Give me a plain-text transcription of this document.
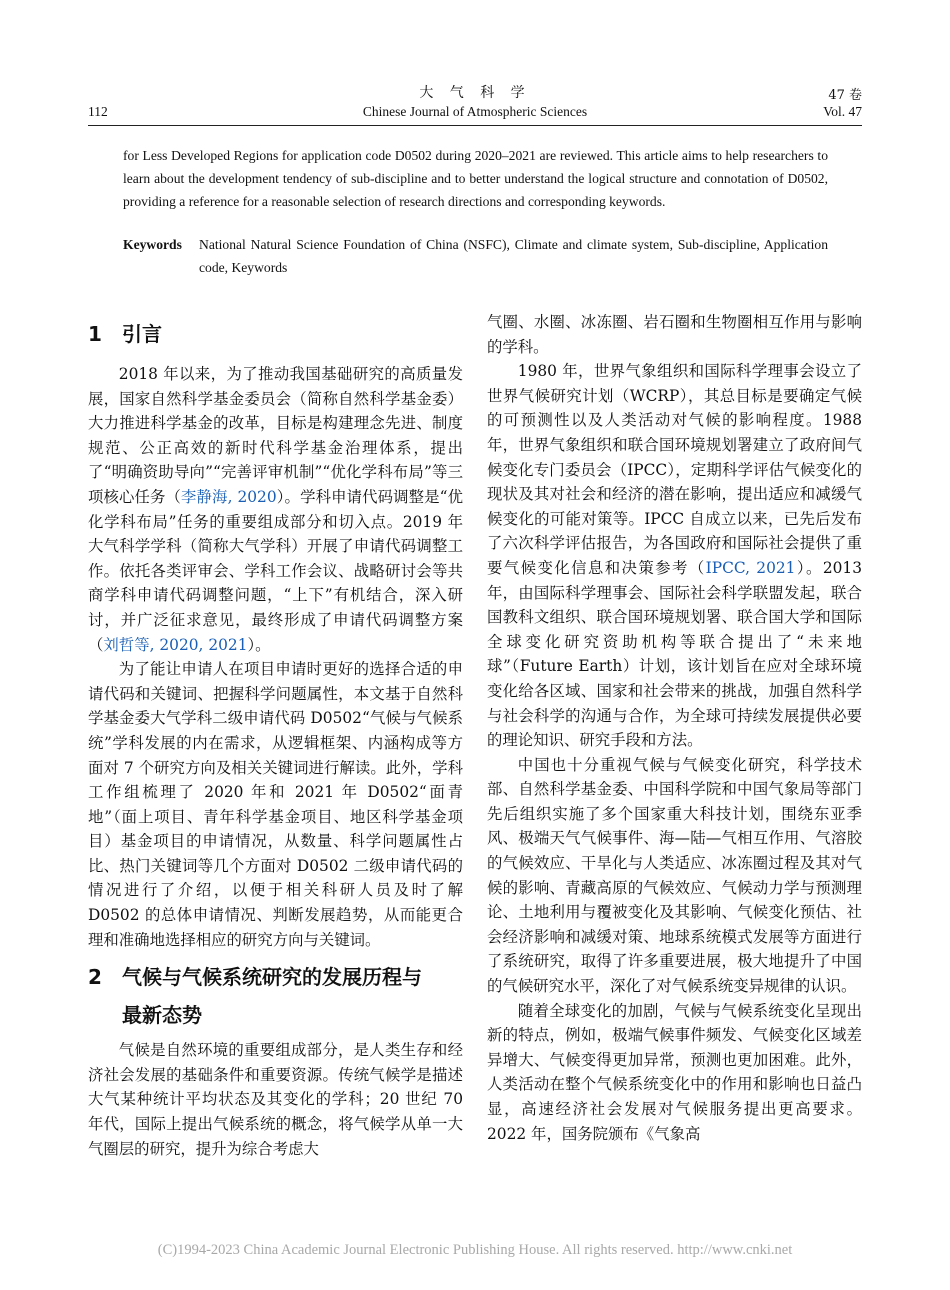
大 气 科 学	47 卷
112	Chinese Journal of Atmospheric Sciences	Vol. 47
for Less Developed Regions for application code D0502 during 2020–2021 are reviewed. This article aims to help researchers to learn about the development tendency of sub-discipline and to better understand the logical structure and connotation of D0502, providing a reference for a reasonable selection of research directions and corresponding keywords.
Keywords National Natural Science Foundation of China (NSFC), Climate and climate system, Sub-discipline, Application code, Keywords
1 引言

2018 年以来，为了推动我国基础研究的高质量发展，国家自然科学基金委员会（简称自然科学基金委）大力推进科学基金的改革，目标是构建理念先进、制度规范、公正高效的新时代科学基金治理体系，提出了“明确资助导向”“完善评审机制”“优化学科布局”等三项核心任务（李静海, 2020）。学科申请代码调整是“优化学科布局”任务的重要组成部分和切入点。2019 年大气科学学科（简称大气学科）开展了申请代码调整工作。依托各类评审会、学科工作会议、战略研讨会等共商学科申请代码调整问题，“上下”有机结合，深入研讨，并广泛征求意见，最终形成了申请代码调整方案（刘哲等, 2020, 2021）。

为了能让申请人在项目申请时更好的选择合适的申请代码和关键词、把握科学问题属性，本文基于自然科学基金委大气学科二级申请代码 D0502“气候与气候系统”学科发展的内在需求，从逻辑框架、内涵构成等方面对 7 个研究方向及相关关键词进行解读。此外，学科工作组梳理了 2020 年和 2021 年 D0502“面青地”（面上项目、青年科学基金项目、地区科学基金项目）基金项目的申请情况，从数量、科学问题属性占比、热门关键词等几个方面对 D0502 二级申请代码的情况进行了介绍，以便于相关科研人员及时了解 D0502 的总体申请情况、判断发展趋势，从而能更合理和准确地选择相应的研究方向与关键词。

2 气候与气候系统研究的发展历程与
最新态势

气候是自然环境的重要组成部分，是人类生存和经济社会发展的基础条件和重要资源。传统气候学是描述大气某种统计平均状态及其变化的学科；20 世纪 70 年代，国际上提出气候系统的概念，将气候学从单一大气圈层的研究，提升为综合考虑大

气圈、水圈、冰冻圈、岩石圈和生物圈相互作用与影响的学科。

1980 年，世界气象组织和国际科学理事会设立了世界气候研究计划（WCRP），其总目标是要确定气候的可预测性以及人类活动对气候的影响程度。1988 年，世界气象组织和联合国环境规划署建立了政府间气候变化专门委员会（IPCC），定期科学评估气候变化的现状及其对社会和经济的潜在影响，提出适应和减缓气候变化的可能对策等。IPCC 自成立以来，已先后发布了六次科学评估报告，为各国政府和国际社会提供了重要气候变化信息和决策参考（IPCC, 2021）。2013 年，由国际科学理事会、国际社会科学联盟发起，联合国教科文组织、联合国环境规划署、联合国大学和国际全球变化研究资助机构等联合提出了“未来地球”（Future Earth）计划，该计划旨在应对全球环境变化给各区域、国家和社会带来的挑战，加强自然科学与社会科学的沟通与合作，为全球可持续发展提供必要的理论知识、研究手段和方法。

中国也十分重视气候与气候变化研究，科学技术部、自然科学基金委、中国科学院和中国气象局等部门先后组织实施了多个国家重大科技计划，围绕东亚季风、极端天气气候事件、海—陆—气相互作用、气溶胶的气候效应、干旱化与人类适应、冰冻圈过程及其对气候的影响、青藏高原的气候效应、气候动力学与预测理论、土地利用与覆被变化及其影响、气候变化预估、社会经济影响和减缓对策、地球系统模式发展等方面进行了系统研究，取得了许多重要进展，极大地提升了中国的气候研究水平，深化了对气候系统变异规律的认识。

随着全球变化的加剧，气候与气候系统变化呈现出新的特点，例如，极端气候事件频发、气候变化区域差异增大、气候变得更加异常，预测也更加困难。此外，人类活动在整个气候系统变化中的作用和影响也日益凸显，高速经济社会发展对气候服务提出更高要求。2022 年，国务院颁布《气象高

(C)1994-2023 China Academic Journal Electronic Publishing House. All rights reserved. http://www.cnki.net
